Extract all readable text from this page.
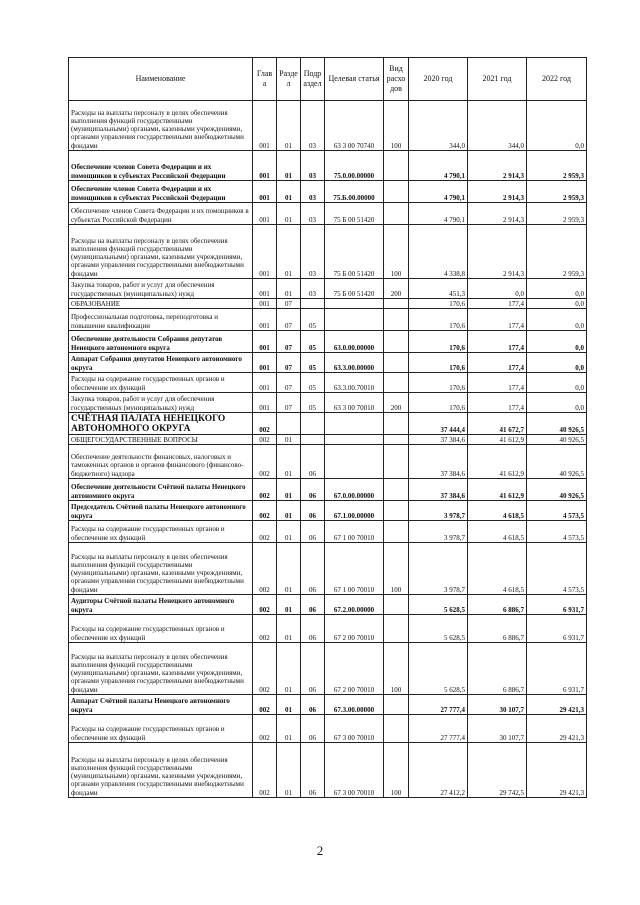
Наименование	Глав а	Разде л	Подр аздел	Целевая статья	Вид расхо дов	2020 год	2021 год	2022 год
Расходы на выплаты персоналу в целях обеспечения выполнения функций государственными (муниципальными) органами, казенными учреждениями, органами управления государственными внебюджетными фондами	001	01	03	63 3 00 70740	100	344,0	344,0	0,0
Обеспечение членов Совета Федерации и их помощников в субъектах Российской Федерации	001	01	03	75.0.00.00000		4 790,1	2 914,3	2 959,3
Обеспечение членов Совета Федерации и их помощников в субъектах Российской Федерации	001	01	03	75.Б.00.00000		4 790,1	2 914,3	2 959,3
Обеспечение членов Совета Федерации и их помощников в субъектах Российской Федерации	001	01	03	75 Б 00 51420		4 790,1	2 914,3	2 959,3
Расходы на выплаты персоналу в целях обеспечения выполнения функций государственными (муниципальными) органами, казенными учреждениями, органами управления государственными внебюджетными фондами	001	01	03	75 Б 00 51420	100	4 338,8	2 914,3	2 959,3
Закупка товаров, работ и услуг для обеспечения государственных (муниципальных) нужд	001	01	03	75 Б 00 51420	200	451,3	0,0	0,0
ОБРАЗОВАНИЕ	001	07				170,6	177,4	0,0
Профессиональная подготовка, переподготовка и повышение квалификации	001	07	05			170,6	177,4	0,0
Обеспечение деятельности Собрания депутатов Ненецкого автономного округа	001	07	05	63.0.00.00000		170,6	177,4	0,0
Аппарат Собрания депутатов Ненецкого автономного округа	001	07	05	63.3.00.00000		170,6	177,4	0,0
Расходы на содержание государственных органов и обеспечение их функций	001	07	05	63.3.00.70010		170,6	177,4	0,0
Закупка товаров, работ и услуг для обеспечения государственных (муниципальных) нужд	001	07	05	63 3 00 70010	200	170,6	177,4	0,0
СЧЁТНАЯ ПАЛАТА НЕНЕЦКОГО АВТОНОМНОГО ОКРУГА	002					37 444,4	41 672,7	40 926,5
ОБЩЕГОСУДАРСТВЕННЫЕ ВОПРОСЫ	002	01				37 384,6	41 612,9	40 926,5
Обеспечение деятельности финансовых, налоговых и таможенных органов и органов финансового (финансово-бюджетного) надзора	002	01	06			37 384,6	41 612,9	40 926,5
Обеспечение деятельности Счётной палаты Ненецкого автономного округа	002	01	06	67.0.00.00000		37 384,6	41 612,9	40 926,5
Председатель Счётной палаты Ненецкого автономного округа	002	01	06	67.1.00.00000		3 978,7	4 618,5	4 573,5
Расходы на содержание государственных органов и обеспечение их функций	002	01	06	67 1 00 70010		3 978,7	4 618,5	4 573,5
Расходы на выплаты персоналу в целях обеспечения выполнения функций государственными (муниципальными) органами, казенными учреждениями, органами управления государственными внебюджетными фондами	002	01	06	67 1 00 70010	100	3 978,7	4 618,5	4 573,5
Аудиторы Счётной палаты Ненецкого автономного округа	002	01	06	67.2.00.00000		5 628,5	6 886,7	6 931,7
Расходы на содержание государственных органов и обеспечение их функций	002	01	06	67 2 00 70010		5 628,5	6 886,7	6 931,7
Расходы на выплаты персоналу в целях обеспечения выполнения функций государственными (муниципальными) органами, казенными учреждениями, органами управления государственными внебюджетными фондами	002	01	06	67 2 00 70010	100	5 628,5	6 886,7	6 931,7
Аппарат Счётной палаты Ненецкого автономного округа	002	01	06	67.3.00.00000		27 777,4	30 107,7	29 421,3
Расходы на содержание государственных органов и обеспечение их функций	002	01	06	67 3 00 70010		27 777,4	30 107,7	29 421,3
Расходы на выплаты персоналу в целях обеспечения выполнения функций государственными (муниципальными) органами, казенными учреждениями, органами управления государственными внебюджетными фондами	002	01	06	67 3 00 70010	100	27 412,2	29 742,5	29 421,3
2
